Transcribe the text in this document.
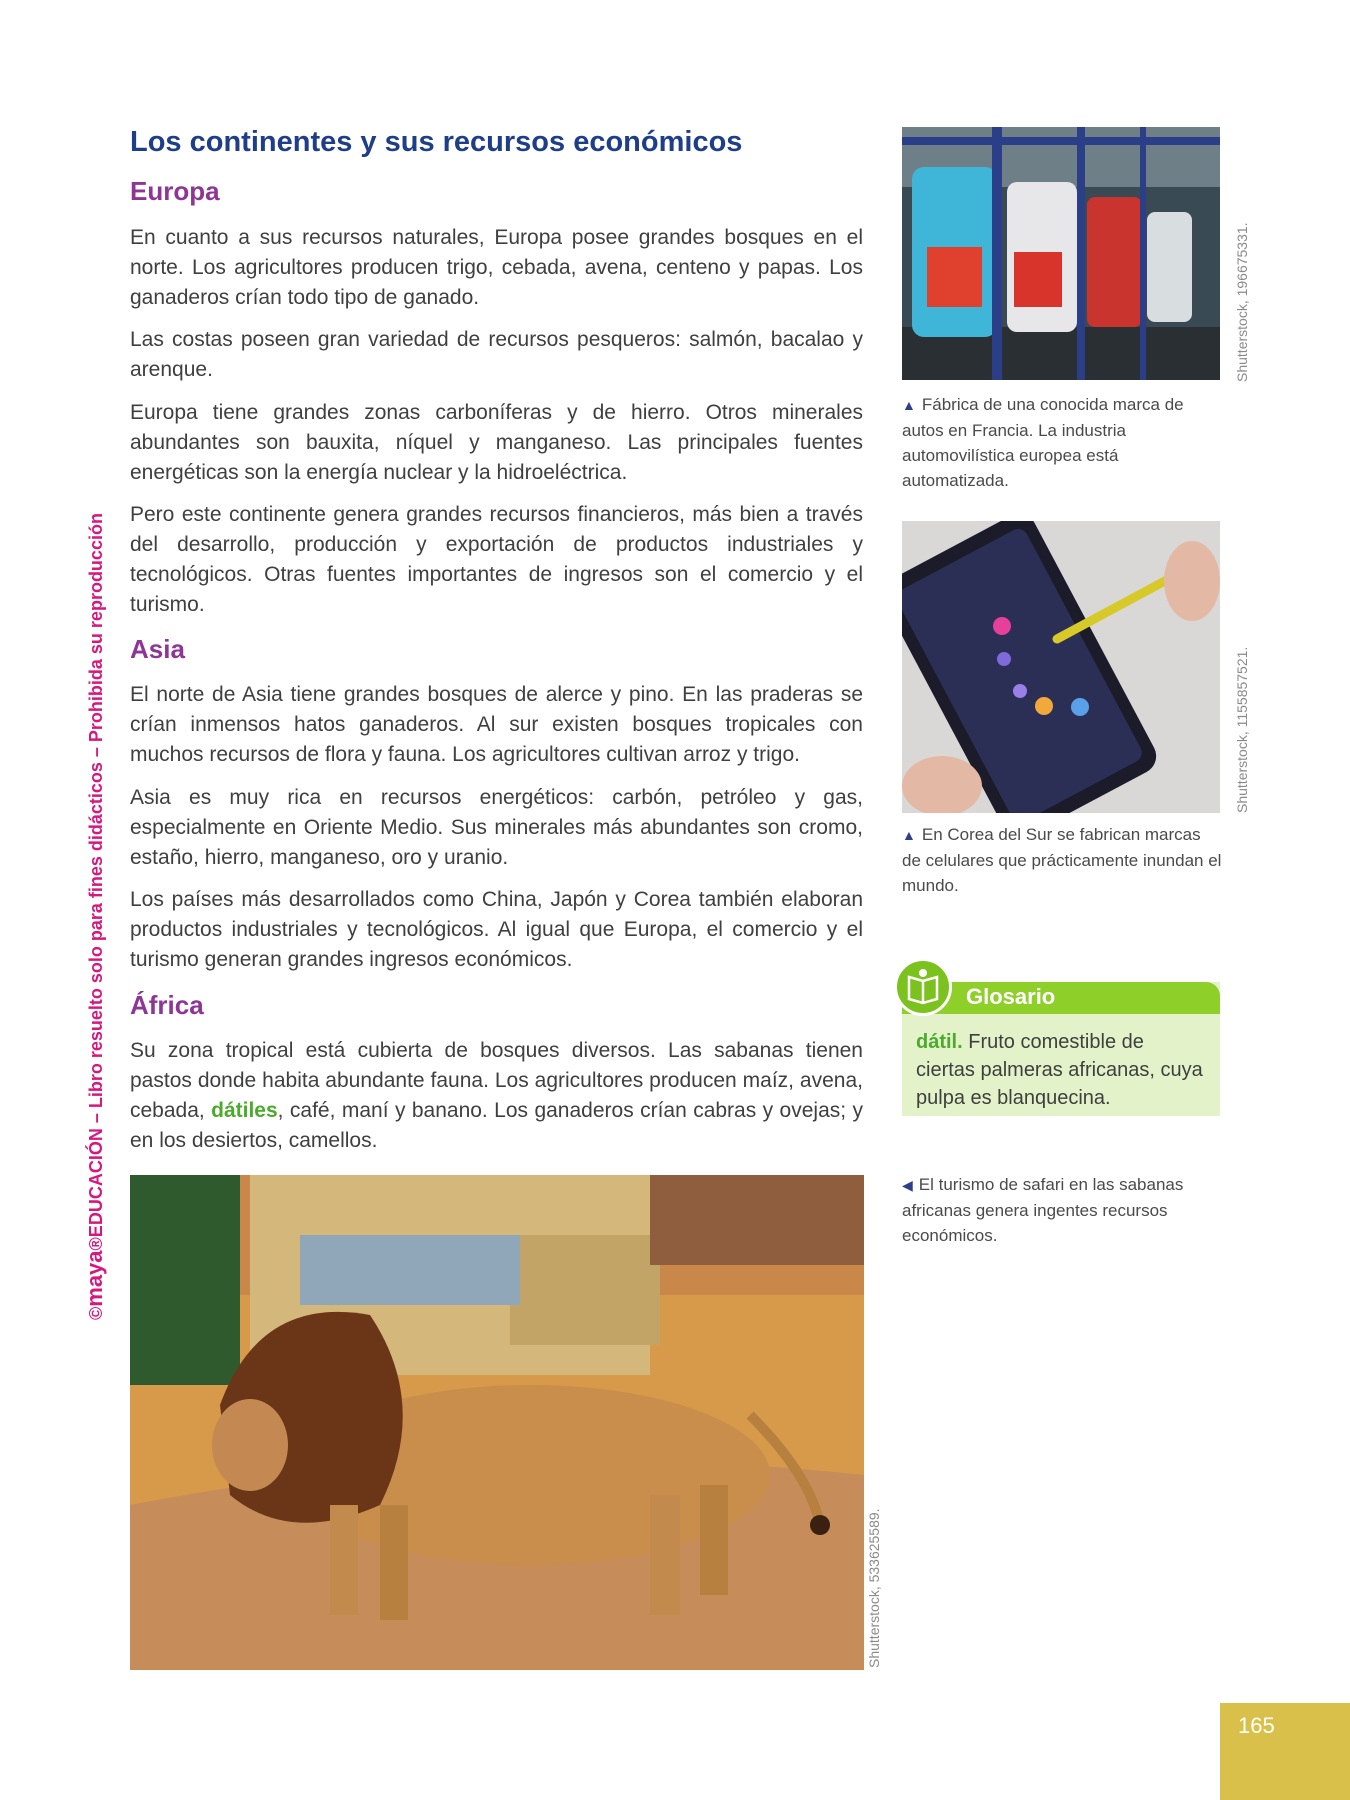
©maya®EDUCACIÓN – Libro resuelto solo para fines didácticos – Prohibida su reproducción
Los continentes y sus recursos económicos
Europa

En cuanto a sus recursos naturales, Europa posee grandes bosques en el norte. Los agricultores producen trigo, cebada, avena, centeno y papas. Los ganaderos crían todo tipo de ganado.

Las costas poseen gran variedad de recursos pesqueros: salmón, bacalao y arenque.

Europa tiene grandes zonas carboníferas y de hierro. Otros minerales abundantes son bauxita, níquel y manganeso. Las principales fuentes energéticas son la energía nuclear y la hidroeléctrica.

Pero este continente genera grandes recursos financieros, más bien a través del desarrollo, producción y exportación de productos industriales y tecnológicos. Otras fuentes importantes de ingresos son el comercio y el turismo.

Asia

El norte de Asia tiene grandes bosques de alerce y pino. En las praderas se crían inmensos hatos ganaderos. Al sur existen bosques tropicales con muchos recursos de flora y fauna. Los agricultores cultivan arroz y trigo.

Asia es muy rica en recursos energéticos: carbón, petróleo y gas, especialmente en Oriente Medio. Sus minerales más abundantes son cromo, estaño, hierro, manganeso, oro y uranio.

Los países más desarrollados como China, Japón y Corea también elaboran productos industriales y tecnológicos. Al igual que Europa, el comercio y el turismo generan grandes ingresos económicos.

África

Su zona tropical está cubierta de bosques diversos. Las sabanas tienen pastos donde habita abundante fauna. Los agricultores producen maíz, avena, cebada, dátiles, café, maní y banano. Los ganaderos crían cabras y ovejas; y en los desiertos, camellos.

Shutterstock, 196675331.

▲ Fábrica de una conocida marca de autos en Francia. La industria automovilística europea está automatizada.

Shutterstock, 1155857521.

▲ En Corea del Sur se fabrican marcas de celulares que prácticamente inundan el mundo.

Glosario

dátil. Fruto comestible de ciertas palmeras africanas, cuya pulpa es blanquecina.

◀ El turismo de safari en las sabanas africanas genera ingentes recursos económicos.

Shutterstock, 533625589.
165
